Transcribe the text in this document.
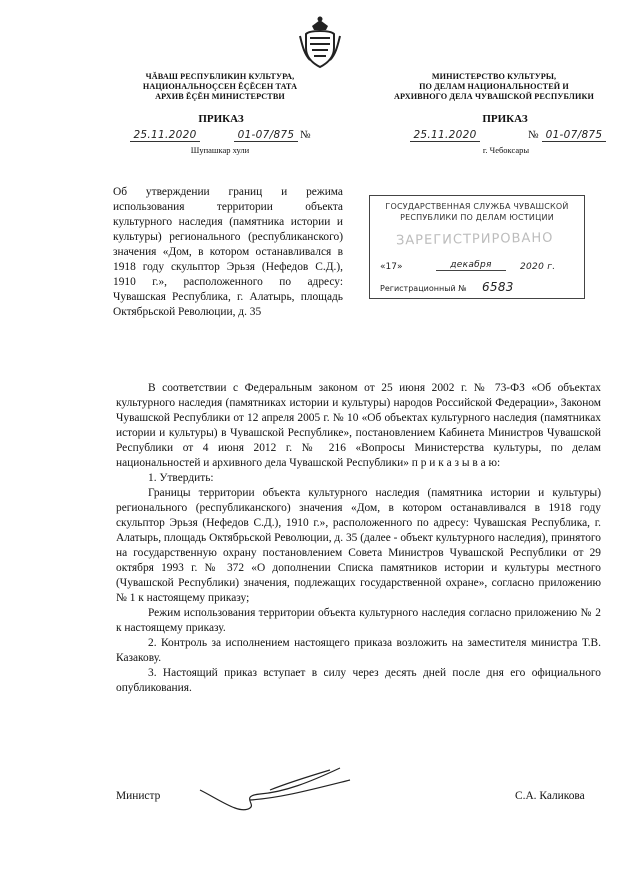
ЧĂВАШ РЕСПУБЛИКИН КУЛЬТУРА,
НАЦИОНАЛЬНОÇСЕН ĔÇĔСЕН ТАТА
АРХИВ ĔÇĔН МИНИСТЕРСТВИ
МИНИСТЕРСТВО КУЛЬТУРЫ,
ПО ДЕЛАМ НАЦИОНАЛЬНОСТЕЙ И
АРХИВНОГО ДЕЛА ЧУВАШСКОЙ РЕСПУБЛИКИ
ПРИКАЗ	ПРИКАЗ
25.11.2020	01-07/875 №
Шупашкар хули
25.11.2020	№ 01-07/875
г. Чебоксары
Об утверждении границ и режима использования территории объекта культурного наследия (памятника истории и культуры) регионального (республиканского) значения «Дом, в котором останавливался в 1918 году скульптор Эрьзя (Нефедов С.Д.), 1910 г.», расположенного по адресу: Чувашская Республика, г. Алатырь, площадь Октябрьской Революции, д. 35
ГОСУДАРСТВЕННАЯ СЛУЖБА ЧУВАШСКОЙ
РЕСПУБЛИКИ ПО ДЕЛАМ ЮСТИЦИИ
ЗАРЕГИСТРИРОВАНО
«17»	декабря	2020 г.
Регистрационный № 6583

В соответствии с Федеральным законом от 25 июня 2002 г. № 73-ФЗ «Об объектах культурного наследия (памятниках истории и культуры) народов Российской Федерации», Законом Чувашской Республики от 12 апреля 2005 г. № 10 «Об объектах культурного наследия (памятниках истории и культуры) в Чувашской Республике», постановлением Кабинета Министров Чувашской Республики от 4 июня 2012 г. № 216 «Вопросы Министерства культуры, по делам национальностей и архивного дела Чувашской Республики» п р и к а з ы в а ю:

1. Утвердить:

Границы территории объекта культурного наследия (памятника истории и культуры) регионального (республиканского) значения «Дом, в котором останавливался в 1918 году скульптор Эрьзя (Нефедов С.Д.), 1910 г.», расположенного по адресу: Чувашская Республика, г. Алатырь, площадь Октябрьской Революции, д. 35 (далее - объект культурного наследия), принятого на государственную охрану постановлением Совета Министров Чувашской Республики от 29 октября 1993 г. № 372 «О дополнении Списка памятников истории и культуры местного (Чувашской Республики) значения, подлежащих государственной охране», согласно приложению № 1 к настоящему приказу;

Режим использования территории объекта культурного наследия согласно приложению № 2 к настоящему приказу.

2. Контроль за исполнением настоящего приказа возложить на заместителя министра Т.В. Казакову.

3. Настоящий приказ вступает в силу через десять дней после дня его официального опубликования.

Министр	С.А. Каликова
